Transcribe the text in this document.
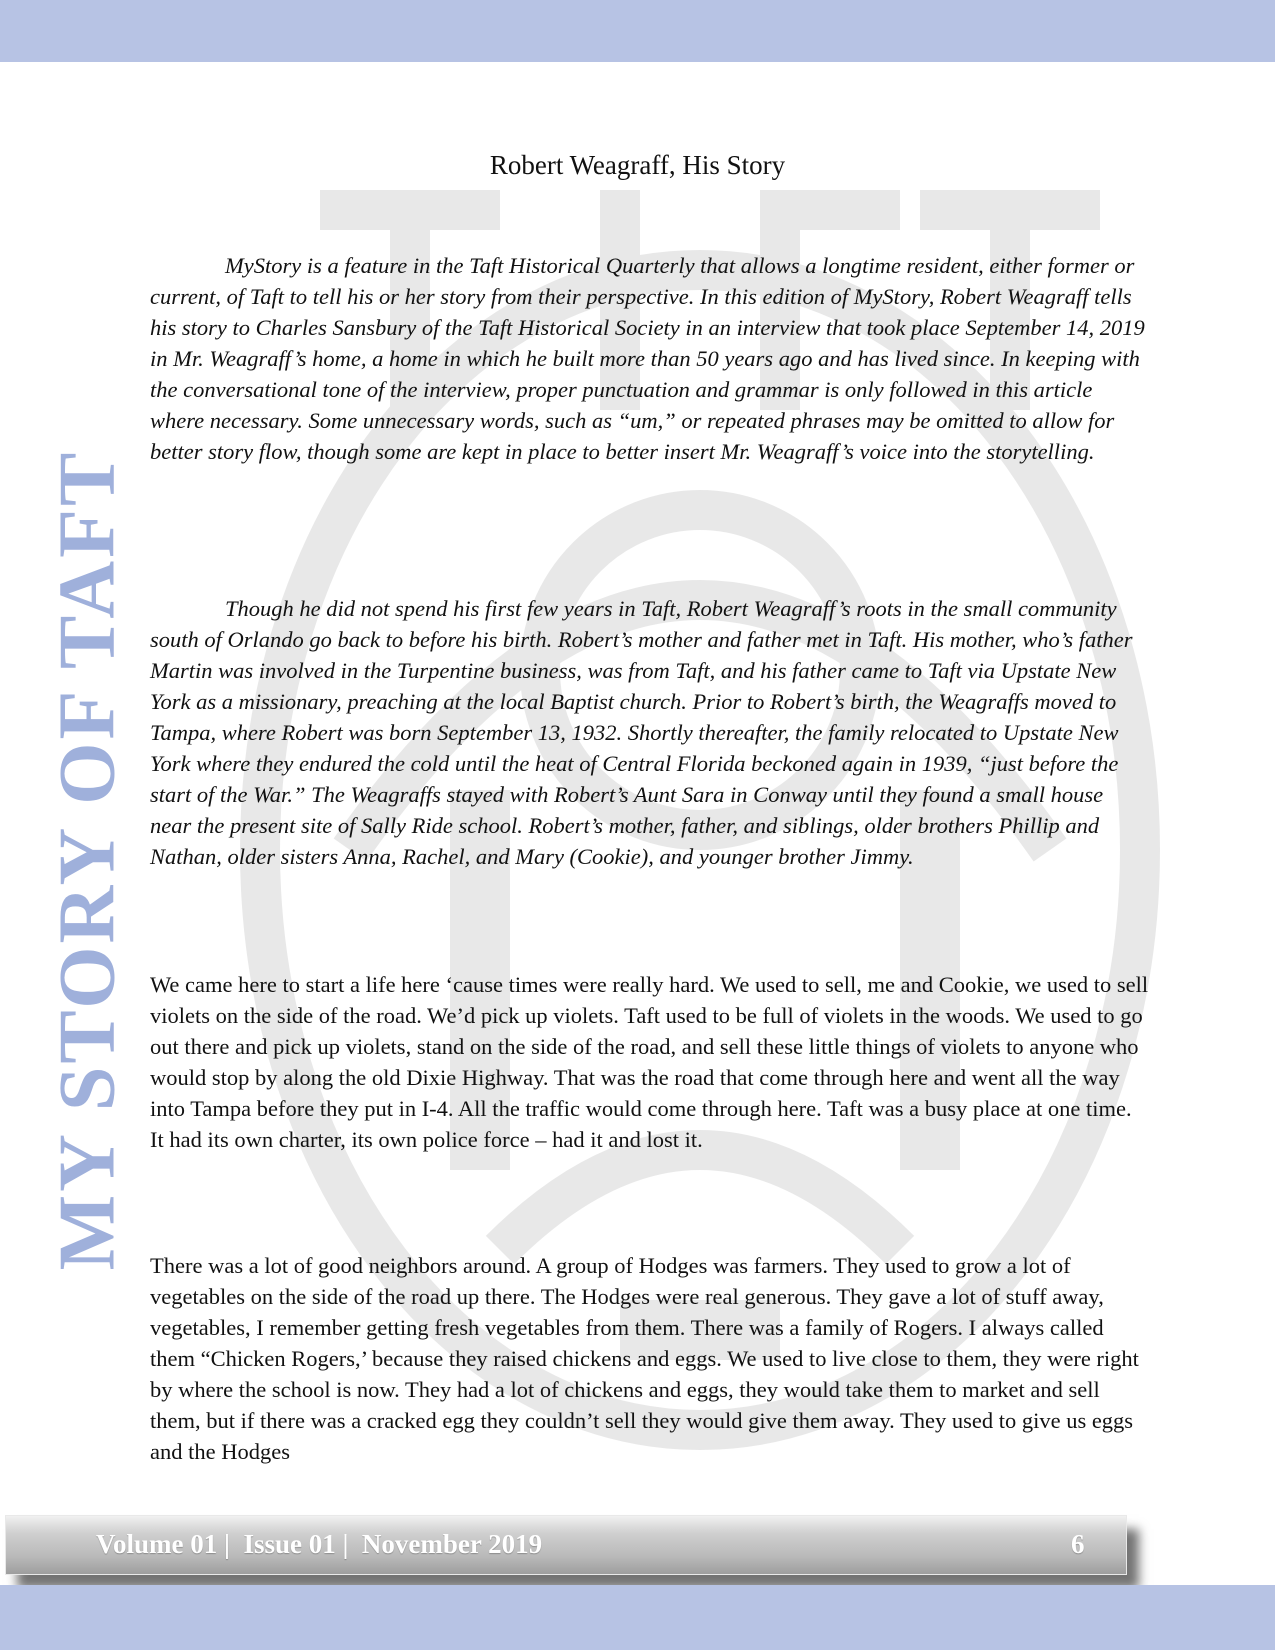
MY STORY OF TAFT
Robert Weagraff, His Story

MyStory is a feature in the Taft Historical Quarterly that allows a longtime resident, either former or current, of Taft to tell his or her story from their perspective. In this edition of MyStory, Robert Weagraff tells his story to Charles Sansbury of the Taft Historical Society in an interview that took place September 14, 2019 in Mr. Weagraff’s home, a home in which he built more than 50 years ago and has lived since. In keeping with the conversational tone of the interview, proper punctuation and grammar is only followed in this article where necessary. Some unnecessary words, such as “um,” or repeated phrases may be omitted to allow for better story flow, though some are kept in place to better insert Mr. Weagraff’s voice into the storytelling.

Though he did not spend his first few years in Taft, Robert Weagraff’s roots in the small community south of Orlando go back to before his birth. Robert’s mother and father met in Taft. His mother, who’s father Martin was involved in the Turpentine business, was from Taft, and his father came to Taft via Upstate New York as a missionary, preaching at the local Baptist church. Prior to Robert’s birth, the Weagraffs moved to Tampa, where Robert was born September 13, 1932. Shortly thereafter, the family relocated to Upstate New York where they endured the cold until the heat of Central Florida beckoned again in 1939, “just before the start of the War.” The Weagraffs stayed with Robert’s Aunt Sara in Conway until they found a small house near the present site of Sally Ride school. Robert’s mother, father, and siblings, older brothers Phillip and Nathan, older sisters Anna, Rachel, and Mary (Cookie), and younger brother Jimmy.

We came here to start a life here ‘cause times were really hard. We used to sell, me and Cookie, we used to sell violets on the side of the road. We’d pick up violets. Taft used to be full of violets in the woods. We used to go out there and pick up violets, stand on the side of the road, and sell these little things of violets to anyone who would stop by along the old Dixie Highway. That was the road that come through here and went all the way into Tampa before they put in I-4. All the traffic would come through here. Taft was a busy place at one time. It had its own charter, its own police force – had it and lost it.

There was a lot of good neighbors around. A group of Hodges was farmers. They used to grow a lot of vegetables on the side of the road up there. The Hodges were real generous. They gave a lot of stuff away, vegetables, I remember getting fresh vegetables from them. There was a family of Rogers. I always called them “Chicken Rogers,’ because they raised chickens and eggs. We used to live close to them, they were right by where the school is now. They had a lot of chickens and eggs, they would take them to market and sell them, but if there was a cracked egg they couldn’t sell they would give them away. They used to give us eggs and the Hodges

Volume 01 |  Issue 01 |  November 2019	6
